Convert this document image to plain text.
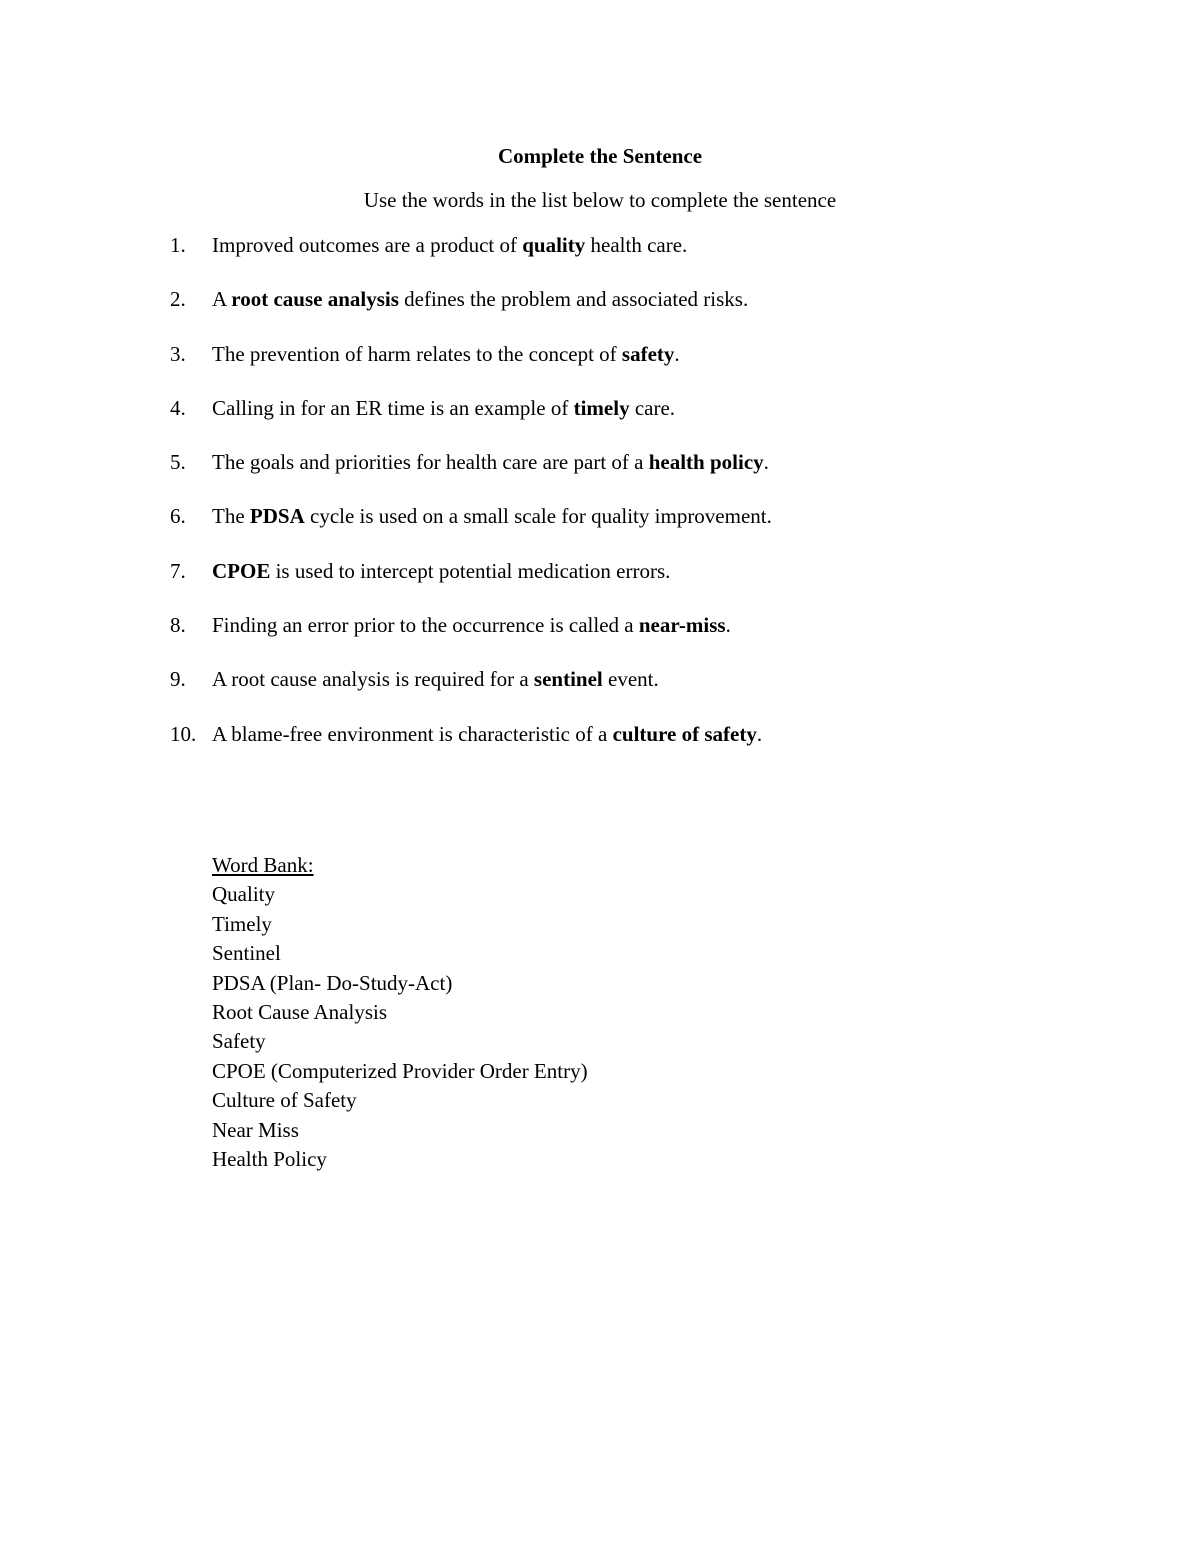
Complete the Sentence
Use the words in the list below to complete the sentence
1.	Improved outcomes are a product of quality health care.
2.	A root cause analysis defines the problem and associated risks.
3.	The prevention of harm relates to the concept of safety.
4.	Calling in for an ER time is an example of timely care.
5.	The goals and priorities for health care are part of a health policy.
6.	The PDSA cycle is used on a small scale for quality improvement.
7.	CPOE is used to intercept potential medication errors.
8.	Finding an error prior to the occurrence is called a near-miss.
9.	A root cause analysis is required for a sentinel event.
10. A blame-free environment is characteristic of a culture of safety.
Word Bank:
Quality
Timely
Sentinel
PDSA (Plan- Do-Study-Act)
Root Cause Analysis
Safety
CPOE (Computerized Provider Order Entry)
Culture of Safety
Near Miss
Health Policy
